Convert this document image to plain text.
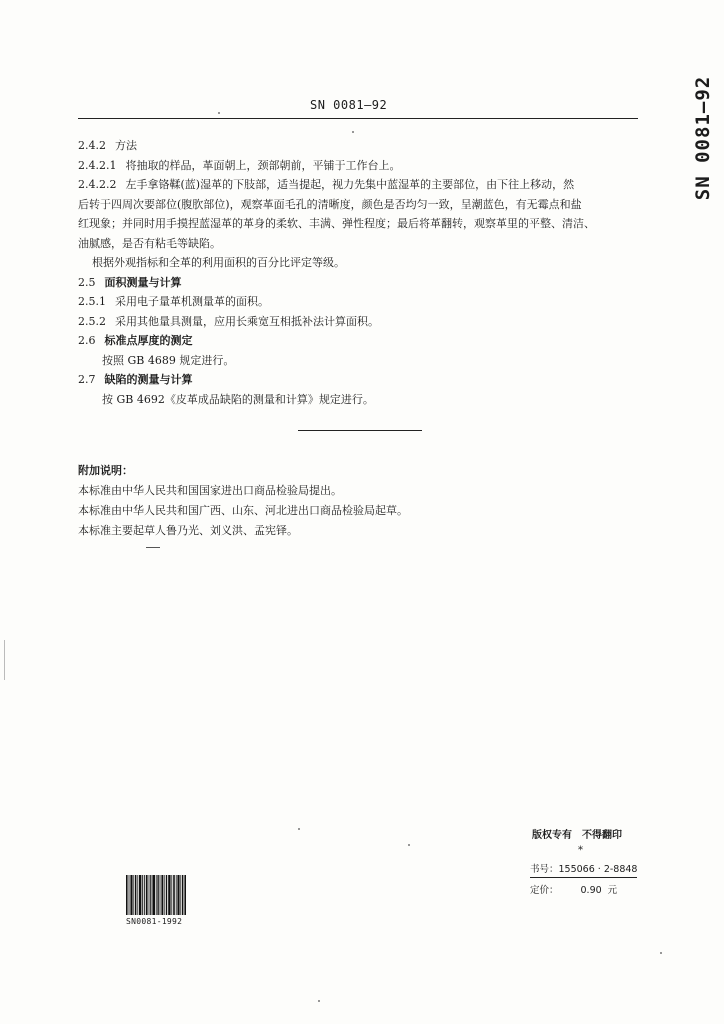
SN 0081—92	SN 0081—92
2.4.2 方法
2.4.2.1 将抽取的样品，革面朝上，颈部朝前，平铺于工作台上。
2.4.2.2 左手拿铬鞣(蓝)湿革的下肢部，适当提起，视力先集中蓝湿革的主要部位，由下往上移动，然
后转于四周次要部位(腹肷部位)，观察革面毛孔的清晰度，颜色是否均匀一致，呈潮蓝色，有无霉点和盐
红现象；并同时用手摸捏蓝湿革的革身的柔软、丰满、弹性程度；最后将革翻转，观察革里的平整、清洁、
油腻感，是否有粘毛等缺陷。
根据外观指标和全革的利用面积的百分比评定等级。
2.5 面积测量与计算
2.5.1 采用电子量革机测量革的面积。
2.5.2 采用其他量具测量，应用长乘宽互相抵补法计算面积。
2.6 标准点厚度的测定
按照 GB 4689 规定进行。
2.7 缺陷的测量与计算
按 GB 4692《皮革成品缺陷的测量和计算》规定进行。
附加说明：
本标准由中华人民共和国国家进出口商品检验局提出。
本标准由中华人民共和国广西、山东、河北进出口商品检验局起草。
本标准主要起草人鲁乃光、刘义洪、孟宪铎。
版权专有 不得翻印
*
书号：155066 · 2-8848
定价： 0.90 元
SN0081-1992
